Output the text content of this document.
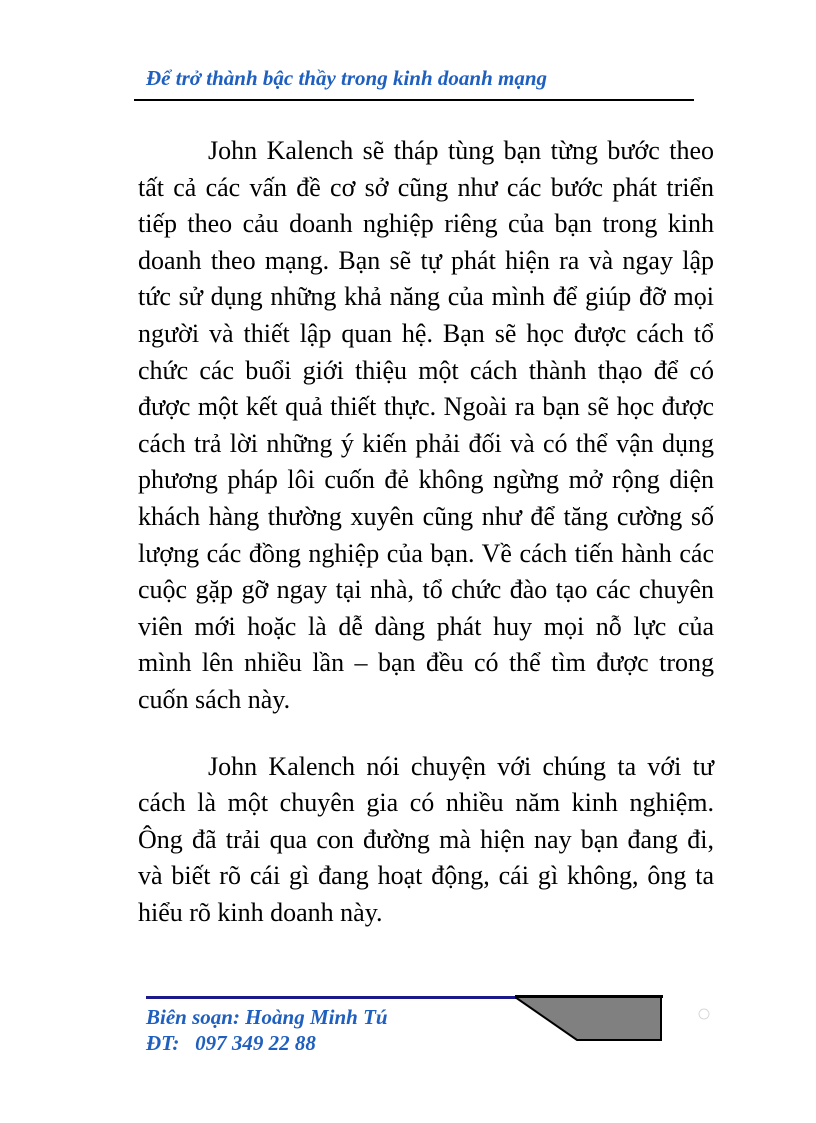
Để trở thành bậc thầy trong kinh doanh mạng

John Kalench sẽ tháp tùng bạn từng bước theo tất cả các vấn đề cơ sở cũng như các bước phát triển tiếp theo cảu doanh nghiệp riêng của bạn trong kinh doanh theo mạng. Bạn sẽ tự phát hiện ra và ngay lập tức sử dụng những khả năng của mình để giúp đỡ mọi người và thiết lập quan hệ. Bạn sẽ học được cách tổ chức các buổi giới thiệu một cách thành thạo để có được một kết quả thiết thực. Ngoài ra bạn sẽ học được cách trả lời những ý kiến phải đối và có thể vận dụng phương pháp lôi cuốn đẻ không ngừng mở rộng diện khách hàng thường xuyên cũng như để tăng cường số lượng các đồng nghiệp của bạn. Về cách tiến hành các cuộc gặp gỡ ngay tại nhà, tổ chức đào tạo các chuyên viên mới hoặc là dễ dàng phát huy mọi nỗ lực của mình lên nhiều lần – bạn đều có thể tìm được trong cuốn sách này.

John Kalench nói chuyện với chúng ta với tư cách là một chuyên gia có nhiều năm kinh nghiệm. Ông đã trải qua con đường mà hiện nay bạn đang đi, và biết rõ cái gì đang hoạt động, cái gì không, ông ta hiểu rõ kinh doanh này.

Biên soạn: Hoàng Minh Tú
ĐT:   097 349 22 88
